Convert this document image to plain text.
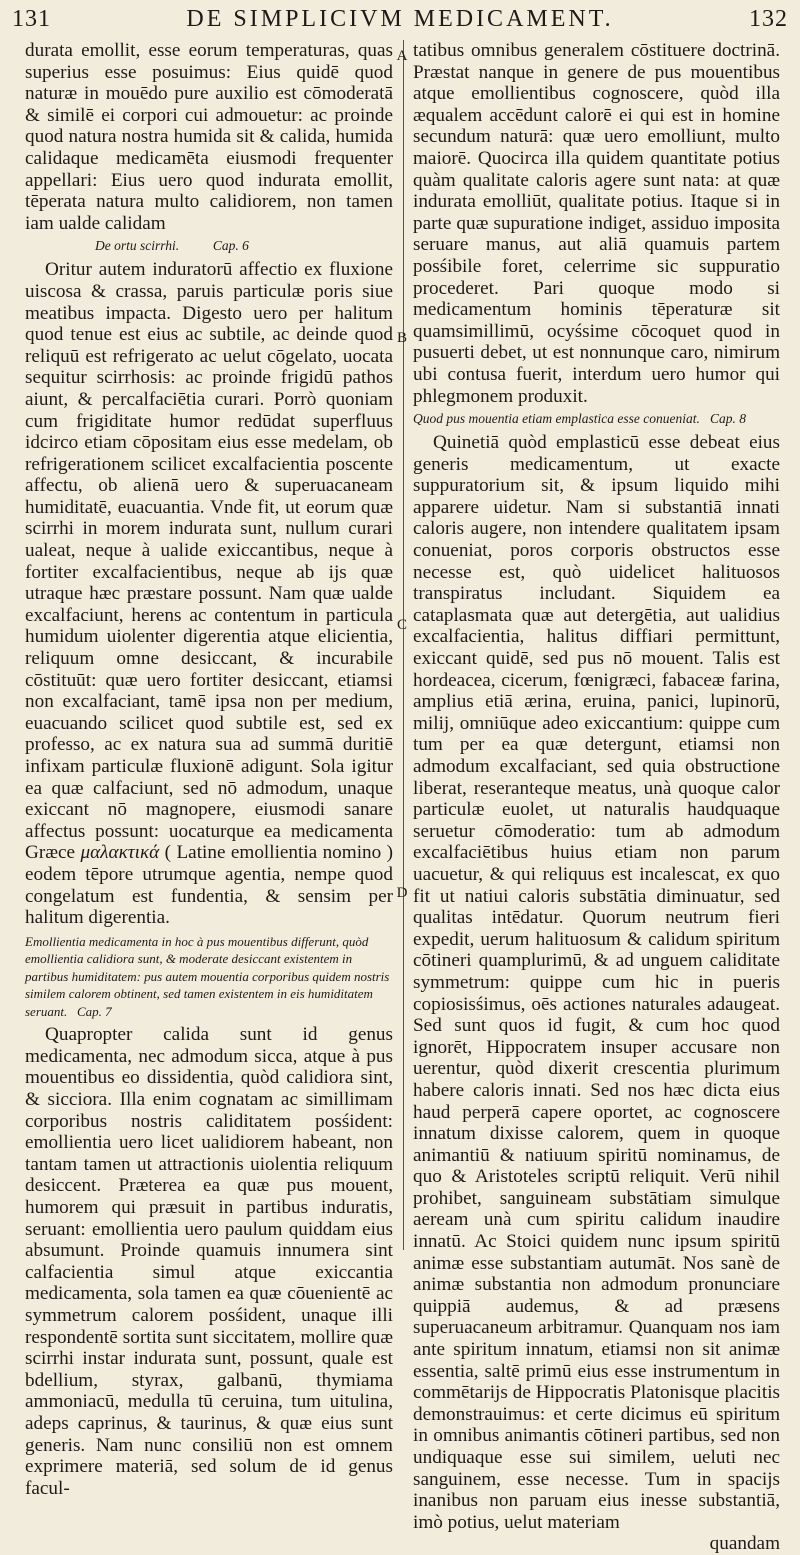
131	DE SIMPLICIVM MEDICAMENT.	132
A
B
C
D

durata emollit, esse eorum temperaturas, quas superius esse posuimus: Eius quidē quod naturæ in mouēdo pure auxilio est cōmoderatā & similē ei corpori cui admouetur: ac proinde quod natura nostra humida sit & calida, humida calidaque medicamēta eiusmodi frequenter appellari: Eius uero quod indurata emollit, tēperata natura multo calidiorem, non tamen iam ualde calidam

De ortu scirrhi.	Cap. 6

Oritur autem induratorū affectio ex fluxione uiscosa & crassa, paruis particulæ poris siue meatibus impacta. Digesto uero per halitum quod tenue est eius ac subtile, ac deinde quod reliquū est refrigerato ac uelut cōgelato, uocata sequitur scirrhosis: ac proinde frigidū pathos aiunt, & percalfaciētia curari. Porrò quoniam cum frigiditate humor redūdat superfluus idcirco etiam cōpositam eius esse medelam, ob refrigerationem scilicet excalfacientia poscente affectu, ob alienā uero & superuacaneam humiditatē, euacuantia. Vnde fit, ut eorum quæ scirrhi in morem indurata sunt, nullum curari ualeat, neque à ualide exiccantibus, neque à fortiter excalfacientibus, neque ab ijs quæ utraque hæc præstare possunt. Nam quæ ualde excalfaciunt, herens ac contentum in particula humidum uiolenter digerentia atque elicientia, reliquum omne desiccant, & incurabile cōstituūt: quæ uero fortiter desiccant, etiamsi non excalfaciant, tamē ipsa non per medium, euacuando scilicet quod subtile est, sed ex professo, ac ex natura sua ad summā duritiē infixam particulæ fluxionē adigunt. Sola igitur ea quæ calfaciunt, sed nō admodum, unaque exiccant nō magnopere, eiusmodi sanare affectus possunt: uocaturque ea medicamenta Græce μαλακτικά ( Latine emollientia nomino ) eodem tēpore utrumque agentia, nempe quod congelatum est fundentia, & sensim per halitum digerentia.

Emollientia medicamenta in hoc à pus mouentibus differunt, quòd emollientia calidiora sunt, & moderate desiccant existentem in partibus humiditatem: pus autem mouentia corporibus quidem nostris similem calorem obtinent, sed tamen existentem in eis humiditatem seruant. Cap. 7

Quapropter calida sunt id genus medicamenta, nec admodum sicca, atque à pus mouentibus eo dissidentia, quòd calidiora sint, & sicciora. Illa enim cognatam ac simillimam corporibus nostris caliditatem posśident: emollientia uero licet ualidiorem habeant, non tantam tamen ut attractionis uiolentia reliquum desiccent. Præterea ea quæ pus mouent, humorem qui præsuit in partibus induratis, seruant: emollientia uero paulum quiddam eius absumunt. Proinde quamuis innumera sint calfacientia simul atque exiccantia medicamenta, sola tamen ea quæ cōuenientē ac symmetrum calorem posśident, unaque illi respondentē sortita sunt siccitatem, mollire quæ scirrhi instar indurata sunt, possunt, quale est bdellium, styrax, galbanū, thymiama ammoniacū, medulla tū ceruina, tum uitulina, adeps caprinus, & taurinus, & quæ eius sunt generis. Nam nunc consiliū non est omnem exprimere materiā, sed solum de id genus facul-

tatibus omnibus generalem cōstituere doctrinā. Præstat nanque in genere de pus mouentibus atque emollientibus cognoscere, quòd illa æqualem accēdunt calorē ei qui est in homine secundum naturā: quæ uero emolliunt, multo maiorē. Quocirca illa quidem quantitate potius quàm qualitate caloris agere sunt nata: at quæ indurata emolliūt, qualitate potius. Itaque si in parte quæ supuratione indiget, assiduo imposita seruare manus, aut aliā quamuis partem posśibile foret, celerrime sic suppuratio procederet. Pari quoque modo si medicamentum hominis tēperaturæ sit quamsimillimū, ocyśsime cōcoquet quod in pusuerti debet, ut est nonnunque caro, nimirum ubi contusa fuerit, interdum uero humor qui phlegmonem produxit.

Quod pus mouentia etiam emplastica esse conueniat. Cap. 8

Quinetiā quòd emplasticū esse debeat eius generis medicamentum, ut exacte suppuratorium sit, & ipsum liquido mihi apparere uidetur. Nam si substantiā innati caloris augere, non intendere qualitatem ipsam conueniat, poros corporis obstructos esse necesse est, quò uidelicet halituosos transpiratus includant. Siquidem ea cataplasmata quæ aut detergētia, aut ualidius excalfacientia, halitus diffiari permittunt, exiccant quidē, sed pus nō mouent. Talis est hordeacea, cicerum, fœnigræci, fabaceæ farina, amplius etiā ærina, eruina, panici, lupinorū, milij, omniūque adeo exiccantium: quippe cum tum per ea quæ detergunt, etiamsi non admodum excalfaciant, sed quia obstructione liberat, reseranteque meatus, unà quoque calor particulæ euolet, ut naturalis haudquaque seruetur cōmoderatio: tum ab admodum excalfaciētibus huius etiam non parum uacuetur, & qui reliquus est incalescat, ex quo fit ut natiui caloris substātia diminuatur, sed qualitas intēdatur. Quorum neutrum fieri expedit, uerum halituosum & calidum spiritum cōtineri quamplurimū, & ad unguem caliditate symmetrum: quippe cum hic in pueris copiosisśimus, oēs actiones naturales adaugeat. Sed sunt quos id fugit, & cum hoc quod ignorēt, Hippocratem insuper accusare non uerentur, quòd dixerit crescentia plurimum habere caloris innati. Sed nos hæc dicta eius haud perperā capere oportet, ac cognoscere innatum dixisse calorem, quem in quoque animantiū & natiuum spiritū nominamus, de quo & Aristoteles scriptū reliquit. Verū nihil prohibet, sanguineam substātiam simulque aeream unà cum spiritu calidum inaudire innatū. Ac Stoici quidem nunc ipsum spiritū animæ esse substantiam autumāt. Nos sanè de animæ substantia non admodum pronunciare quippiā audemus, & ad præsens superuacaneum arbitramur. Quanquam nos iam ante spiritum innatum, etiamsi non sit animæ essentia, saltē primū eius esse instrumentum in commētarijs de Hippocratis Platonisque placitis demonstrauimus: et certe dicimus eū spiritum in omnibus animantis cōtineri partibus, sed non undiquaque esse sui similem, ueluti nec sanguinem, esse necesse. Tum in spacijs inanibus non paruam eius inesse substantiā, imò potius, uelut materiam

quandam
